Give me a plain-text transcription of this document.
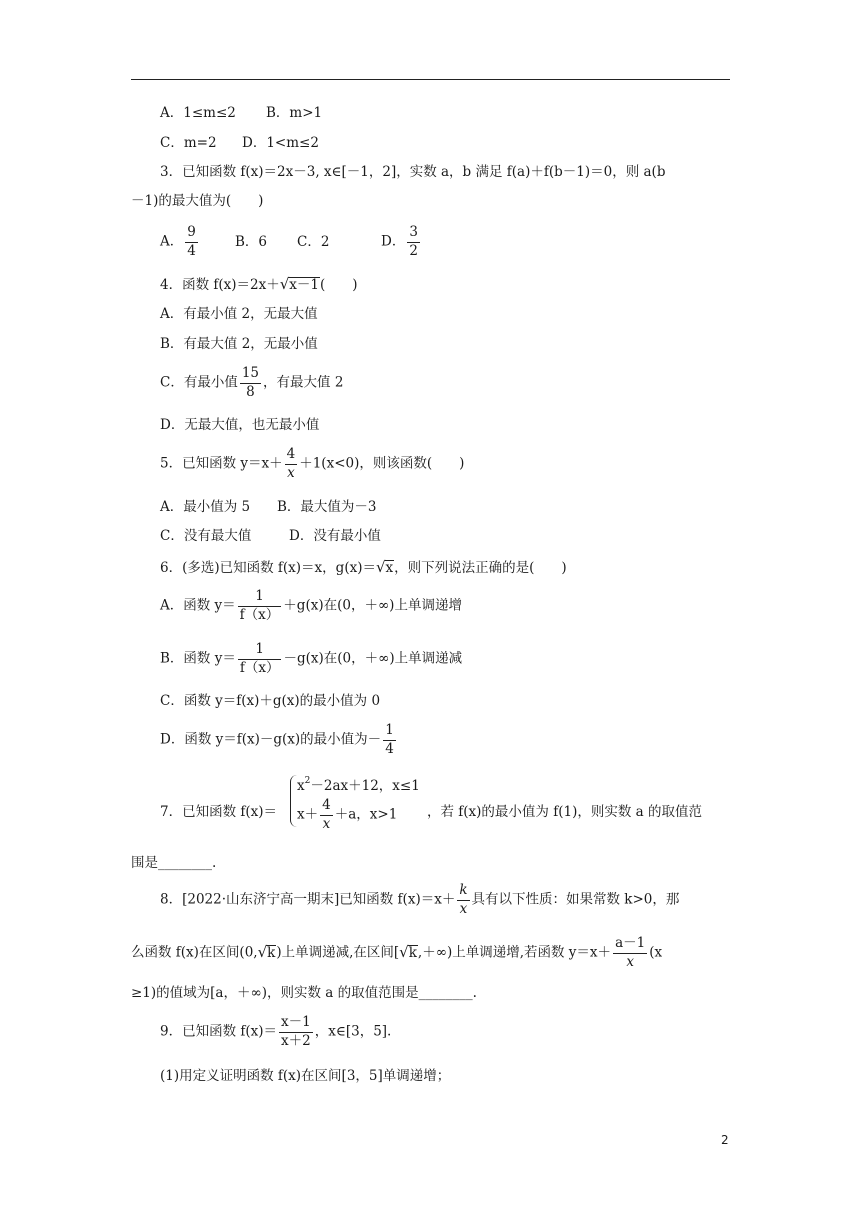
A．1≤m≤2 B．m>1
C．m=2 D．1<m≤2
3．已知函数 f(x)＝2x－3, x∈[－1，2]，实数 a，b 满足 f(a)＋f(b－1)＝0，则 a(b
－1)的最大值为(　　)
A． $\frac{9}{4}$	B．6 C．2	D． $\frac{3}{2}$
4．函数 f(x)＝2x＋√x－1(　　)
A．有最小值 2，无最大值
B．有最大值 2，无最小值
C．有最小值 $\frac{15}{8}$ ，有最大值 2
D．无最大值，也无最小值
5．已知函数 $y=x+ \frac{4}{x} +1(x<0)$，则该函数(　　)
A．最小值为 5 B．最大值为－3
C．没有最大值	D．没有最小值
6．(多选)已知函数 f(x)＝x，g(x)＝√x，则下列说法正确的是(　　)
A．函数 $y= \frac{1}{f(x)} +g(x)$在(0，＋∞)上单调递增
B．函数 $y= \frac{1}{f(x)} -g(x)$在(0，＋∞)上单调递减
C．函数 y＝f(x)＋g(x)的最小值为 0
D．函数 y＝f(x)－g(x)的最小值为－ $\frac{1}{4}$
7．已知函数 f(x)＝
x2－2ax＋12，x≤1
$x+ \frac{4}{x} +a$，x>1 ，若 f(x)的最小值为 f(1)，则实数 a 的取值范
围是________.
8．[2022·山东济宁高一期末]已知函数 $f(x)=x+ \frac{k}{x}$ 具有以下性质：如果常数 k>0，那
么函数 f(x)在区间(0,√k)上单调递减,在区间[√k,＋∞)上单调递增,若函数 $y=x+ \frac{a-1}{x} (x$
≥1)的值域为[a，＋∞)，则实数 a 的取值范围是________.
9．已知函数 $f(x)= \frac{x-1}{x+2}$ ，x∈[3，5].
(1)用定义证明函数 f(x)在区间[3，5]单调递增；
2
